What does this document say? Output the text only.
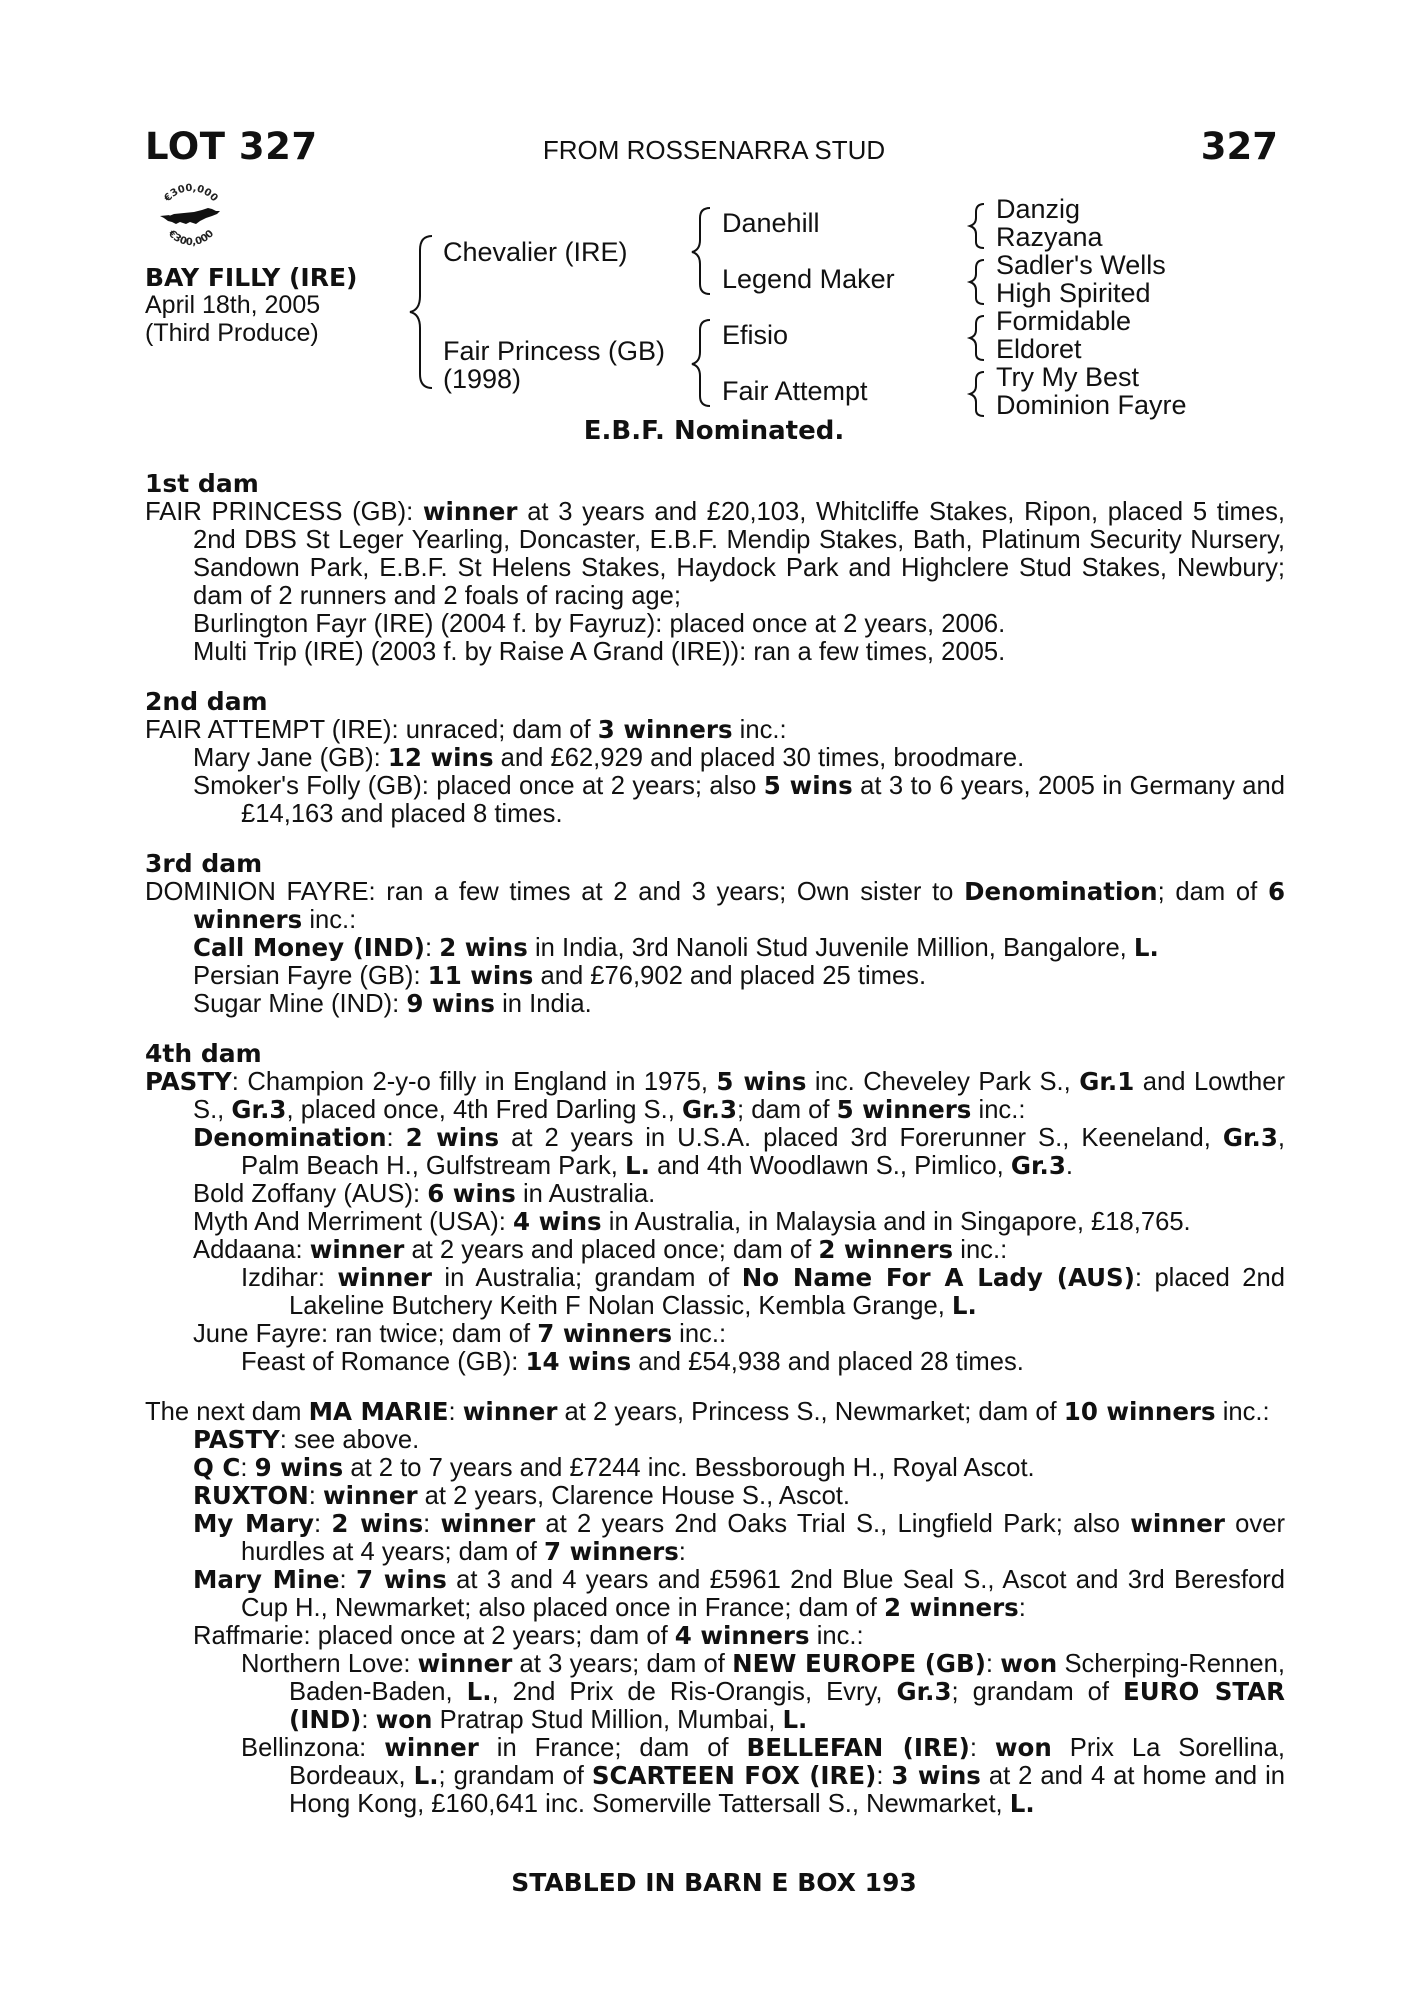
LOT 327	FROM ROSSENARRA STUD	327
€300,000
€300,000
BAY FILLY (IRE)
April 18th, 2005
(Third Produce)
Chevalier (IRE)
Fair Princess (GB)
(1998)
Danehill
Legend Maker
Efisio
Fair Attempt
Danzig
Razyana
Sadler's Wells
High Spirited
Formidable
Eldoret
Try My Best
Dominion Fayre
E.B.F. Nominated.
1st dam
FAIR PRINCESS (GB): winner at 3 years and £20,103, Whitcliffe Stakes, Ripon, placed 5 times, 2nd DBS St Leger Yearling, Doncaster, E.B.F. Mendip Stakes, Bath, Platinum Security Nursery, Sandown Park, E.B.F. St Helens Stakes, Haydock Park and Highclere Stud Stakes, Newbury; dam of 2 runners and 2 foals of racing age;
Burlington Fayr (IRE) (2004 f. by Fayruz): placed once at 2 years, 2006.
Multi Trip (IRE) (2003 f. by Raise A Grand (IRE)): ran a few times, 2005.
2nd dam
FAIR ATTEMPT (IRE): unraced; dam of 3 winners inc.:
Mary Jane (GB): 12 wins and £62,929 and placed 30 times, broodmare.
Smoker's Folly (GB): placed once at 2 years; also 5 wins at 3 to 6 years, 2005 in Germany and £14,163 and placed 8 times.
3rd dam
DOMINION FAYRE: ran a few times at 2 and 3 years; Own sister to Denomination; dam of 6 winners inc.:
Call Money (IND): 2 wins in India, 3rd Nanoli Stud Juvenile Million, Bangalore, L.
Persian Fayre (GB): 11 wins and £76,902 and placed 25 times.
Sugar Mine (IND): 9 wins in India.
4th dam
PASTY: Champion 2-y-o filly in England in 1975, 5 wins inc. Cheveley Park S., Gr.1 and Lowther S., Gr.3, placed once, 4th Fred Darling S., Gr.3; dam of 5 winners inc.:
Denomination: 2 wins at 2 years in U.S.A. placed 3rd Forerunner S., Keeneland, Gr.3, Palm Beach H., Gulfstream Park, L. and 4th Woodlawn S., Pimlico, Gr.3.
Bold Zoffany (AUS): 6 wins in Australia.
Myth And Merriment (USA): 4 wins in Australia, in Malaysia and in Singapore, £18,765.
Addaana: winner at 2 years and placed once; dam of 2 winners inc.:
Izdihar: winner in Australia; grandam of No Name For A Lady (AUS): placed 2nd Lakeline Butchery Keith F Nolan Classic, Kembla Grange, L.
June Fayre: ran twice; dam of 7 winners inc.:
Feast of Romance (GB): 14 wins and £54,938 and placed 28 times.
The next dam MA MARIE: winner at 2 years, Princess S., Newmarket; dam of 10 winners inc.:
PASTY: see above.
Q C: 9 wins at 2 to 7 years and £7244 inc. Bessborough H., Royal Ascot.
RUXTON: winner at 2 years, Clarence House S., Ascot.
My Mary: 2 wins: winner at 2 years 2nd Oaks Trial S., Lingfield Park; also winner over hurdles at 4 years; dam of 7 winners:
Mary Mine: 7 wins at 3 and 4 years and £5961 2nd Blue Seal S., Ascot and 3rd Beresford Cup H., Newmarket; also placed once in France; dam of 2 winners:
Raffmarie: placed once at 2 years; dam of 4 winners inc.:
Northern Love: winner at 3 years; dam of NEW EUROPE (GB): won Scherping-Rennen, Baden-Baden, L., 2nd Prix de Ris-Orangis, Evry, Gr.3; grandam of EURO STAR (IND): won Pratrap Stud Million, Mumbai, L.
Bellinzona: winner in France; dam of BELLEFAN (IRE): won Prix La Sorellina, Bordeaux, L.; grandam of SCARTEEN FOX (IRE): 3 wins at 2 and 4 at home and in Hong Kong, £160,641 inc. Somerville Tattersall S., Newmarket, L.
STABLED IN BARN E BOX 193
